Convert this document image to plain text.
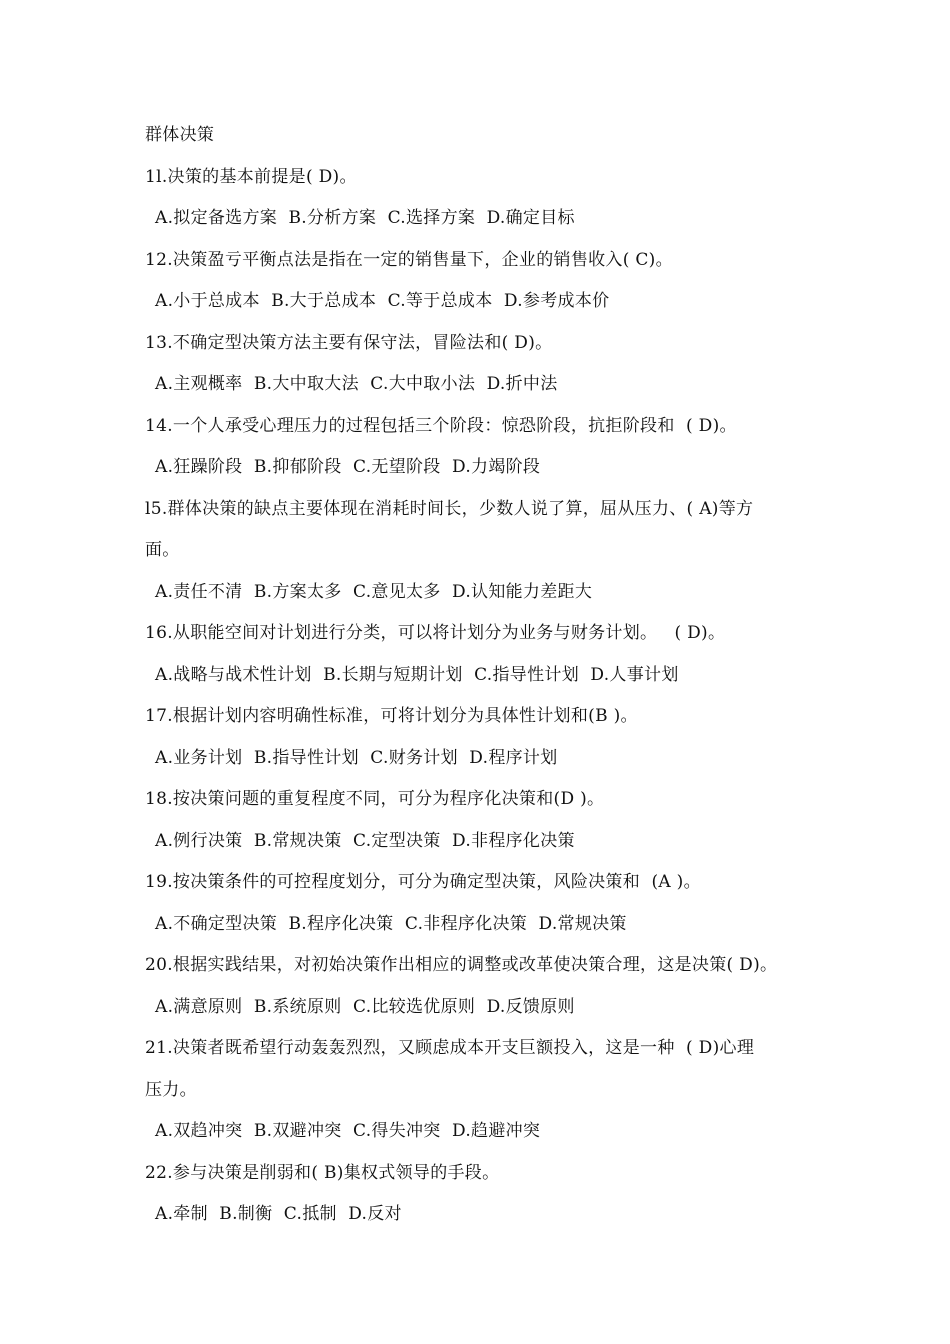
群体决策
1l.决策的基本前提是( D)。
A.拟定备选方案  B.分析方案  C.选择方案  D.确定目标
12.决策盈亏平衡点法是指在一定的销售量下，企业的销售收入( C)。
A.小于总成本  B.大于总成本  C.等于总成本  D.参考成本价
13.不确定型决策方法主要有保守法，冒险法和( D)。
A.主观概率  B.大中取大法  C.大中取小法  D.折中法
14.一个人承受心理压力的过程包括三个阶段：惊恐阶段，抗拒阶段和  ( D)。
A.狂躁阶段  B.抑郁阶段  C.无望阶段  D.力竭阶段
l5.群体决策的缺点主要体现在消耗时间长，少数人说了算，屈从压力、( A)等方
面。
A.责任不清  B.方案太多  C.意见太多  D.认知能力差距大
16.从职能空间对计划进行分类，可以将计划分为业务与财务计划。   ( D)。
A.战略与战术性计划  B.长期与短期计划  C.指导性计划  D.人事计划
17.根据计划内容明确性标准，可将计划分为具体性计划和(B )。
A.业务计划  B.指导性计划  C.财务计划  D.程序计划
18.按决策问题的重复程度不同，可分为程序化决策和(D )。
A.例行决策  B.常规决策  C.定型决策  D.非程序化决策
19.按决策条件的可控程度划分，可分为确定型决策，风险决策和  (A )。
A.不确定型决策  B.程序化决策  C.非程序化决策  D.常规决策
20.根据实践结果，对初始决策作出相应的调整或改革使决策合理，这是决策( D)。
A.满意原则  B.系统原则  C.比较选优原则  D.反馈原则
21.决策者既希望行动轰轰烈烈，又顾虑成本开支巨额投入，这是一种  ( D)心理
压力。
A.双趋冲突  B.双避冲突  C.得失冲突  D.趋避冲突
22.参与决策是削弱和( B)集权式领导的手段。
A.牵制  B.制衡  C.抵制  D.反对
